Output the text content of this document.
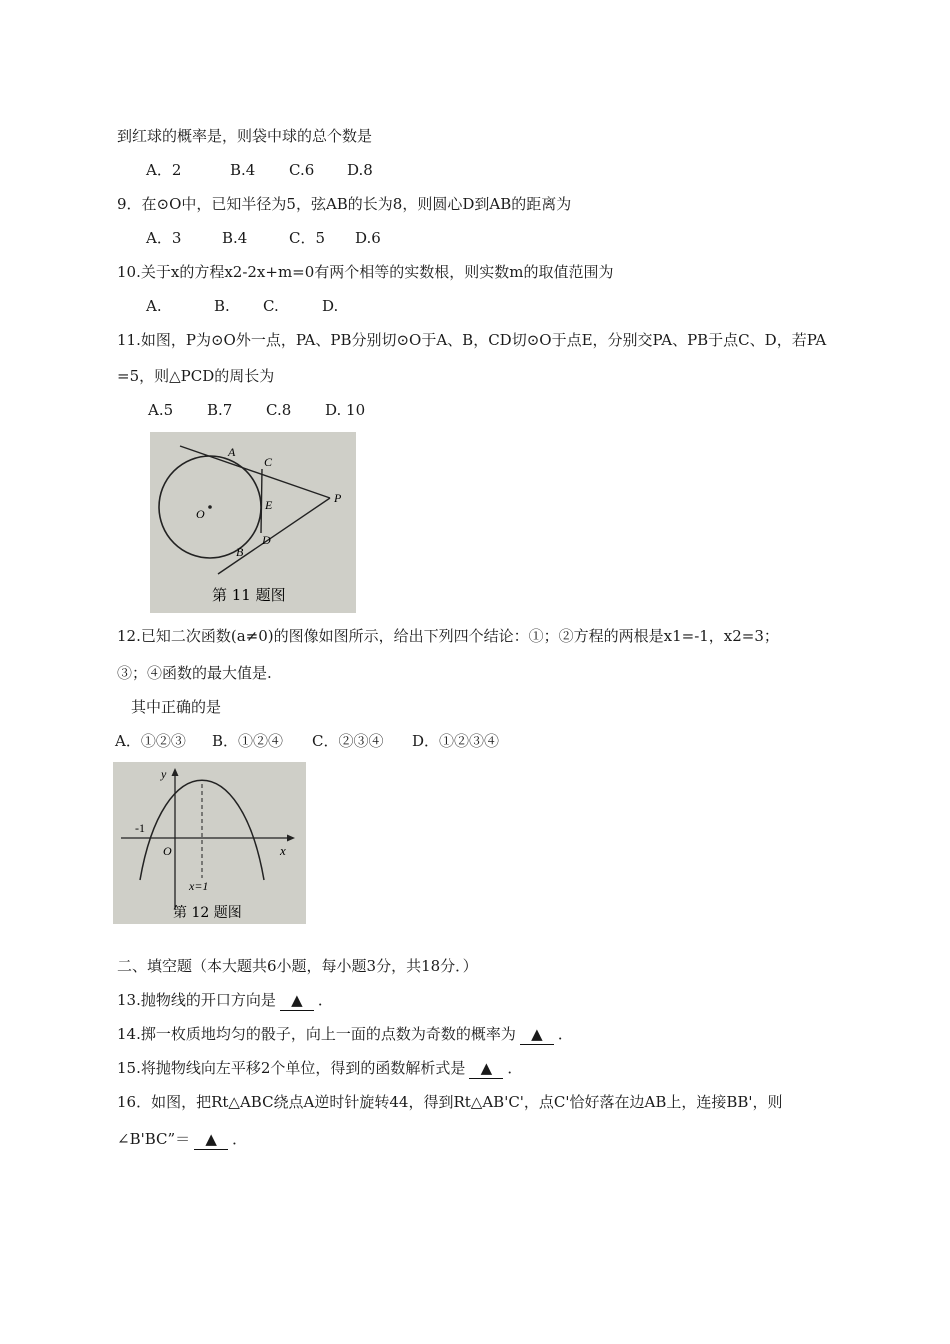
到红球的概率是，则袋中球的总个数是
A．2	B.4 C.6 D.8
9．在⊙O中，已知半径为5，弦AB的长为8，则圆心D到AB的距离为
A．3	B.4	C．5 D.6
10.关于x的方程x2-2x+m=0有两个相等的实数根，则实数m的取值范围为
A.	B. C.	D.
11.如图，P为⊙O外一点，PA、PB分别切⊙O于A、B，CD切⊙O于点E，分别交PA、PB于点C、D，若PA
=5，则△PCD的周长为
A.5 B.7 C.8 D. 10
A
C
P
E
O
D
B
第 11 题图
12.已知二次函数(a≠0)的图像如图所示，给出下列四个结论：①；②方程的两根是x1=-1，x2=3；
③；④函数的最大值是.
其中正确的是
A．①②③ B．①②④ C．②③④ D．①②③④
y
x
O
-1
x=1
第 12 题图
二、填空题（本大题共6小题，每小题3分，共18分．）
13.抛物线的开口方向是 ▲ ．
14.掷一枚质地均匀的骰子，向上一面的点数为奇数的概率为 ▲ ．
15.将抛物线向左平移2个单位，得到的函数解析式是 ▲ ．
16．如图，把Rt△ABC绕点A逆时针旋转44，得到Rt△AB'C'，点C'恰好落在边AB上，连接BB'，则
∠B'BC”＝ ▲ ．
